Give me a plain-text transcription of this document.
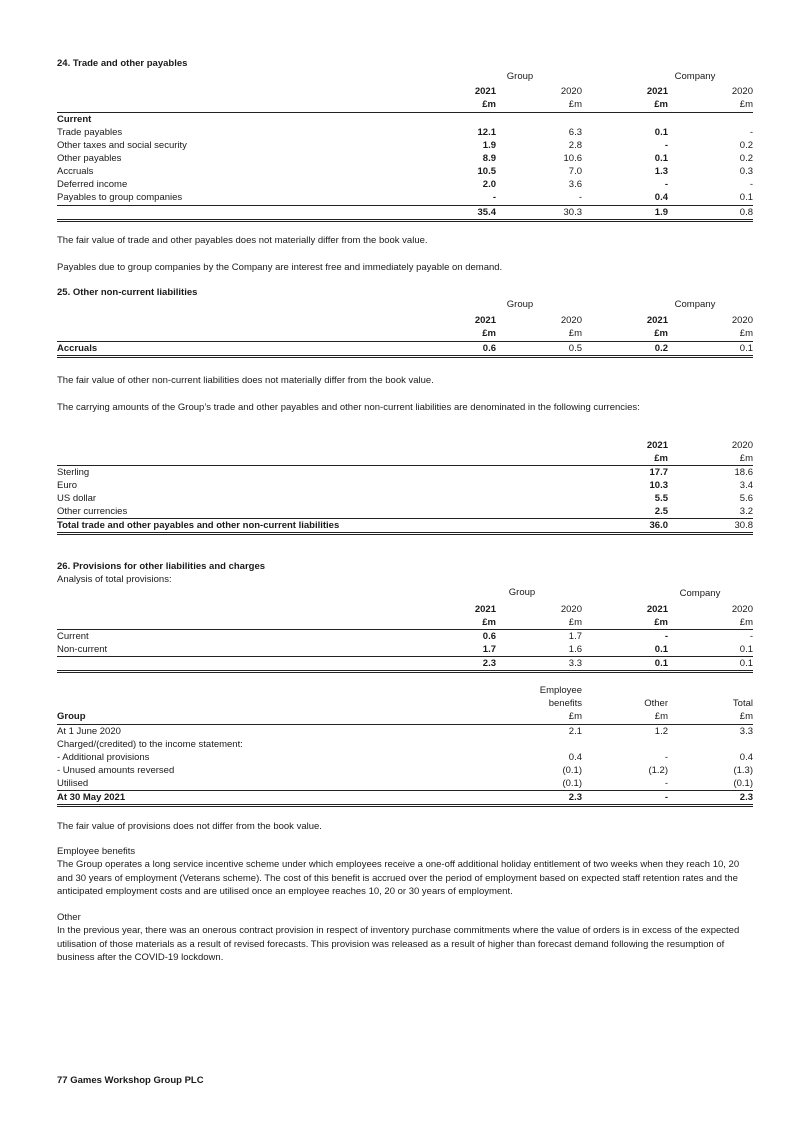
24. Trade and other payables
Group	Company
2021	2020	2021	2020
£m	£m	£m	£m
Current
Trade payables	12.1	6.3	0.1	-
Other taxes and social security	1.9	2.8	-	0.2
Other payables	8.9	10.6	0.1	0.2
Accruals	10.5	7.0	1.3	0.3
Deferred income	2.0	3.6	-	-
Payables to group companies	-	-	0.4	0.1
35.4	30.3	1.9	0.8
The fair value of trade and other payables does not materially differ from the book value.
Payables due to group companies by the Company are interest free and immediately payable on demand.
25. Other non-current liabilities
Group	Company
2021	2020	2021	2020
£m	£m	£m	£m
Accruals	0.6	0.5	0.2	0.1
The fair value of other non-current liabilities does not materially differ from the book value.
The carrying amounts of the Group’s trade and other payables and other non-current liabilities are denominated in the following currencies:
2021	2020
£m	£m
Sterling	17.7	18.6
Euro	10.3	3.4
US dollar	5.5	5.6
Other currencies	2.5	3.2
Total trade and other payables and other non-current liabilities	36.0	30.8
26. Provisions for other liabilities and charges
Analysis of total provisions:
Group	Company
2021	2020	2021	2020
£m	£m	£m	£m
Current	0.6	1.7	-	-
Non-current	1.7	1.6	0.1	0.1
2.3	3.3	0.1	0.1
Employee
benefits	Other	Total
Group	£m	£m	£m
At 1 June 2020	2.1	1.2	3.3
Charged/(credited) to the income statement:
- Additional provisions	0.4	-	0.4
- Unused amounts reversed	(0.1)	(1.2)	(1.3)
Utilised	(0.1)	-	(0.1)
At 30 May 2021	2.3	-	2.3
The fair value of provisions does not differ from the book value.
Employee benefits
The Group operates a long service incentive scheme under which employees receive a one-off additional holiday entitlement of two weeks when they reach 10, 20 and 30 years of employment (Veterans scheme). The cost of this benefit is accrued over the period of employment based on expected staff retention rates and the anticipated employment costs and are utilised once an employee reaches 10, 20 or 30 years of employment.
Other
In the previous year, there was an onerous contract provision in respect of inventory purchase commitments where the value of orders is in excess of the expected utilisation of those materials as a result of revised forecasts. This provision was released as a result of higher than forecast demand following the resumption of business after the COVID-19 lockdown.
77 Games Workshop Group PLC
